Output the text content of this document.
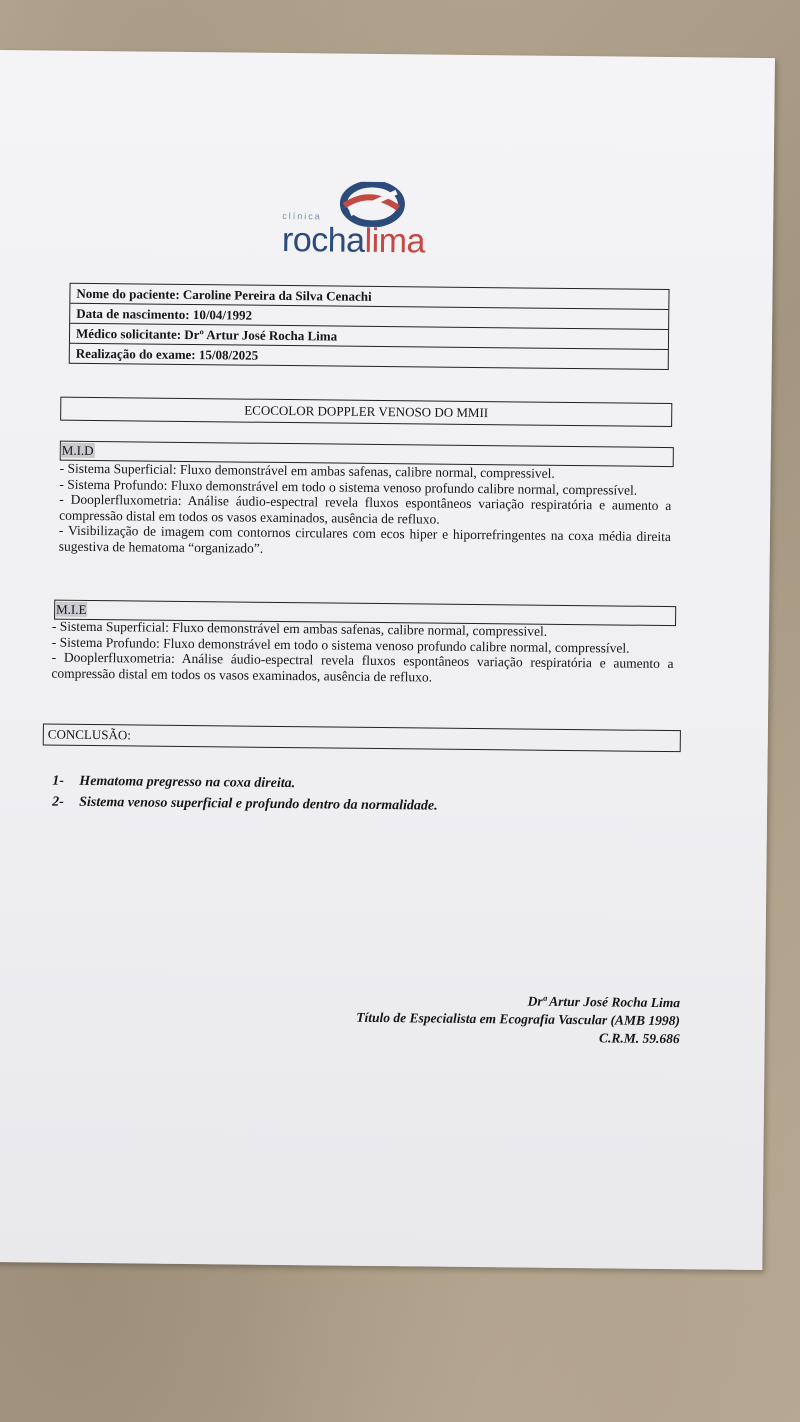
clínica
rochalima
Nome do paciente: Caroline Pereira da Silva Cenachi
Data de nascimento: 10/04/1992
Médico solicitante: Drº Artur José Rocha Lima
Realização do exame: 15/08/2025
ECOCOLOR DOPPLER VENOSO DO MMII
M.I.D

- Sistema Superficial: Fluxo demonstrável em ambas safenas, calibre normal, compressivel.

- Sistema Profundo: Fluxo demonstrável em todo o sistema venoso profundo calibre normal, compressível.

- Dooplerfluxometria: Análise áudio-espectral revela fluxos espontâneos variação respiratória e aumento a compressão distal em todos os vasos examinados, ausência de refluxo.

- Visibilização de imagem com contornos circulares com ecos hiper e hiporrefringentes na coxa média direita sugestiva de hematoma “organizado”.

M.I.E

- Sistema Superficial: Fluxo demonstrável em ambas safenas, calibre normal, compressivel.

- Sistema Profundo: Fluxo demonstrável em todo o sistema venoso profundo calibre normal, compressível.

- Dooplerfluxometria: Análise áudio-espectral revela fluxos espontâneos variação respiratória e aumento a compressão distal em todos os vasos examinados, ausência de refluxo.

CONCLUSÃO:
1- Hematoma pregresso na coxa direita.
2- Sistema venoso superficial e profundo dentro da normalidade.
Drª Artur José Rocha Lima
Título de Especialista em Ecografia Vascular (AMB 1998)
C.R.M. 59.686
